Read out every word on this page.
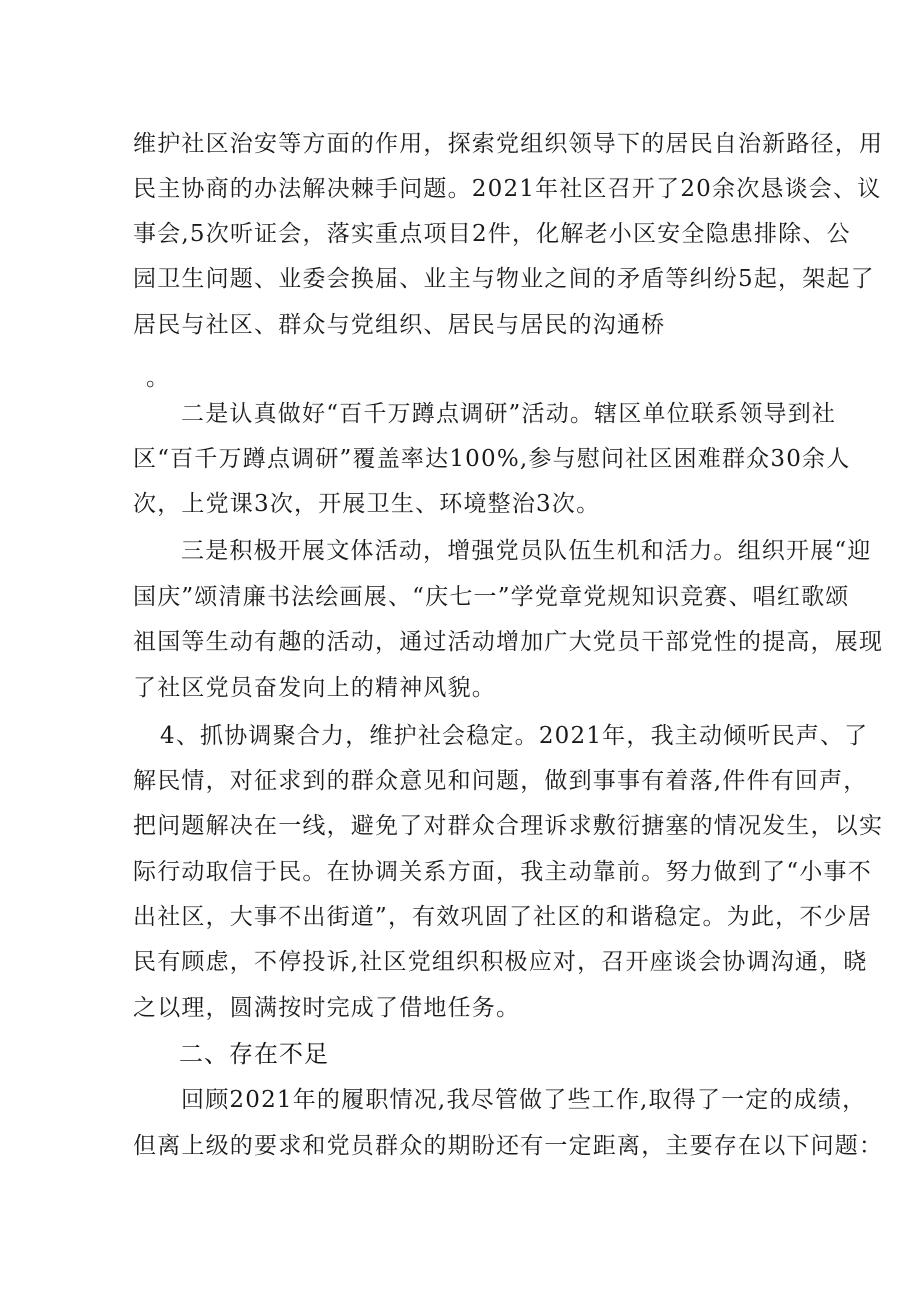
维护社区治安等方面的作用，探索党组织领导下的居民自治新路径，用
民主协商的办法解决棘手问题。2021年社区召开了20余次恳谈会、议
事会,5次听证会，落实重点项目2件，化解老小区安全隐患排除、公
园卫生问题、业委会换届、业主与物业之间的矛盾等纠纷5起，架起了
居民与社区、群众与党组织、居民与居民的沟通桥
。
二是认真做好“百千万蹲点调研”活动。辖区单位联系领导到社
区“百千万蹲点调研”覆盖率达100%,参与慰问社区困难群众30余人
次，上党课3次，开展卫生、环境整治3次。
三是积极开展文体活动，增强党员队伍生机和活力。组织开展“迎
国庆”颂清廉书法绘画展、“庆七一”学党章党规知识竞赛、唱红歌颂
祖国等生动有趣的活动，通过活动增加广大党员干部党性的提高，展现
了社区党员奋发向上的精神风貌。
4、抓协调聚合力，维护社会稳定。2021年，我主动倾听民声、了
解民情，对征求到的群众意见和问题，做到事事有着落,件件有回声，
把问题解决在一线，避免了对群众合理诉求敷衍搪塞的情况发生，以实
际行动取信于民。在协调关系方面，我主动靠前。努力做到了“小事不
出社区，大事不出街道”，有效巩固了社区的和谐稳定。为此，不少居
民有顾虑，不停投诉,社区党组织积极应对，召开座谈会协调沟通，晓
之以理，圆满按时完成了借地任务。
二、存在不足
回顾2021年的履职情况,我尽管做了些工作,取得了一定的成绩，
但离上级的要求和党员群众的期盼还有一定距离，主要存在以下问题：
